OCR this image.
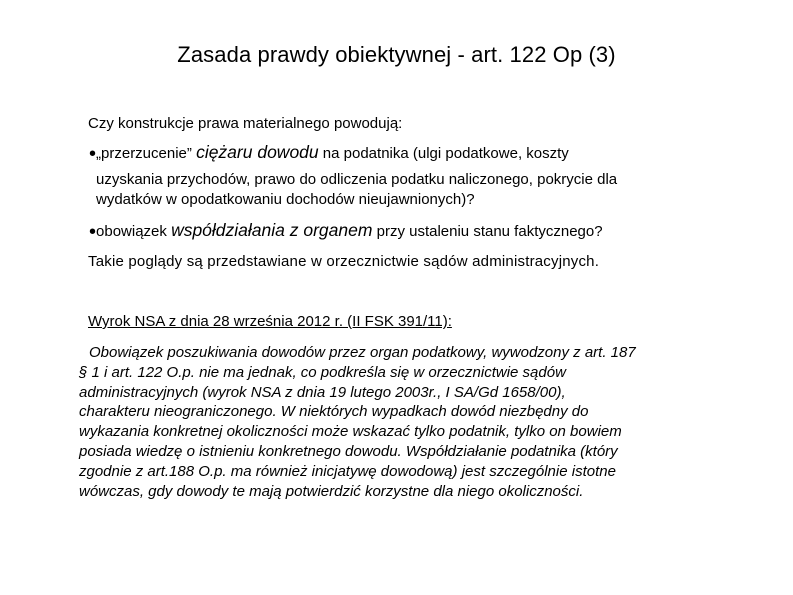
Zasada prawdy obiektywnej - art. 122 Op (3)
Czy konstrukcje prawa materialnego powodują:
•„przerzucenie” ciężaru dowodu na podatnika (ulgi podatkowe, koszty
uzyskania przychodów, prawo do odliczenia podatku naliczonego, pokrycie dla
wydatków w opodatkowaniu dochodów nieujawnionych)?
•obowiązek współdziałania z organem przy ustaleniu stanu faktycznego?
Takie poglądy są przedstawiane w orzecznictwie sądów administracyjnych.
Wyrok NSA z dnia 28 września 2012 r. (II FSK 391/11):
Obowiązek poszukiwania dowodów przez organ podatkowy, wywodzony z art. 187
§ 1 i art. 122 O.p. nie ma jednak, co podkreśla się w orzecznictwie sądów
administracyjnych (wyrok NSA z dnia 19 lutego 2003r., I SA/Gd 1658/00),
charakteru nieograniczonego. W niektórych wypadkach dowód niezbędny do
wykazania konkretnej okoliczności może wskazać tylko podatnik, tylko on bowiem
posiada wiedzę o istnieniu konkretnego dowodu. Współdziałanie podatnika (który
zgodnie z art.188 O.p. ma również inicjatywę dowodową) jest szczególnie istotne
wówczas, gdy dowody te mają potwierdzić korzystne dla niego okoliczności.
